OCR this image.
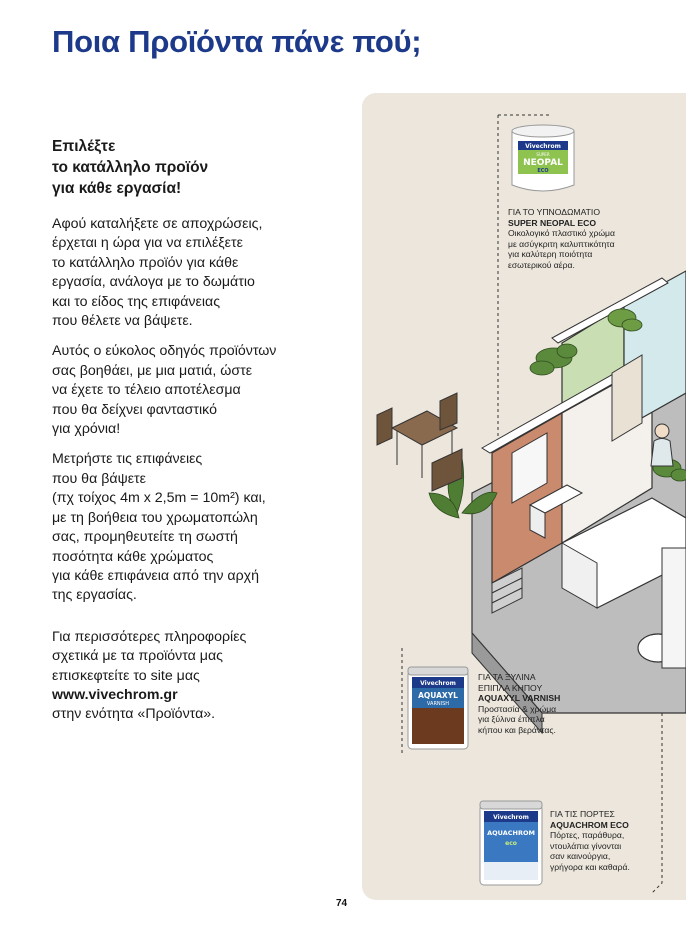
Ποια Προϊόντα πάνε πού;
Επιλέξτε
το κατάλληλο προϊόν
για κάθε εργασία!

Αφού καταλήξετε σε αποχρώσεις,
έρχεται η ώρα για να επιλέξετε
το κατάλληλο προϊόν για κάθε
εργασία, ανάλογα με το δωμάτιο
και το είδος της επιφάνειας
που θέλετε να βάψετε.

Αυτός ο εύκολος οδηγός προϊόντων
σας βοηθάει, με μια ματιά, ώστε
να έχετε το τέλειο αποτέλεσμα
που θα δείχνει φανταστικό
για χρόνια!

Μετρήστε τις επιφάνειες
που θα βάψετε
(πχ τοίχος 4m x 2,5m = 10m²) και,
με τη βοήθεια του χρωματοπώλη
σας, προμηθευτείτε τη σωστή
ποσότητα κάθε χρώματος
για κάθε επιφάνεια από την αρχή
της εργασίας.

Για περισσότερες πληροφορίες
σχετικά με τα προϊόντα μας
επισκεφτείτε το site μας
www.vivechrom.gr
στην ενότητα «Προϊόντα».

Vivechrom
SUPER
NEOPAL
ECO
Vivechrom
AQUAXYL
VARNISH
Vivechrom
AQUACHROM
eco
ΓΙΑ ΤΟ ΥΠΝΟΔΩΜΑΤΙΟ
SUPER NEOPAL ECO
Οικολογικό πλαστικό χρώμα
με ασύγκριτη καλυπτικότητα
για καλύτερη ποιότητα
εσωτερικού αέρα.
ΓΙΑ ΤΑ ΞΥΛΙΝΑ
ΕΠΙΠΛΑ ΚΗΠΟΥ
AQUAXYL VARNISH
Προστασία & χρώμα
για ξύλινα έπιπλα
κήπου και βεράντας.
ΓΙΑ ΤΙΣ ΠΟΡΤΕΣ
AQUACHROM ECO
Πόρτες, παράθυρα,
ντουλάπια γίνονται
σαν καινούργια,
γρήγορα και καθαρά.
74
